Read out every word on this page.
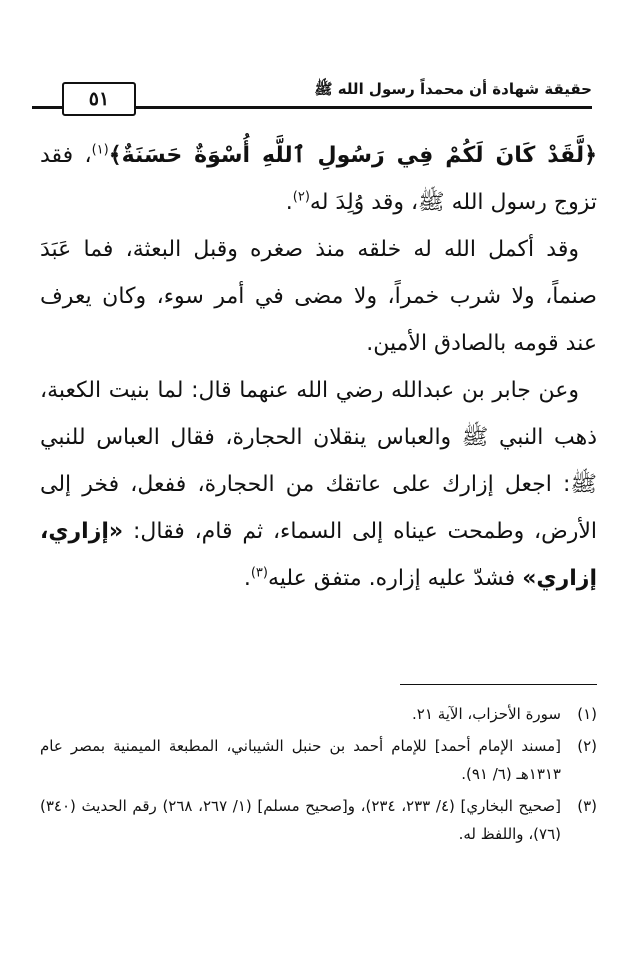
٥١	حقيقة شهادة أن محمداً رسول الله ﷺ

﴿لَّقَدْ كَانَ لَكُمْ فِي رَسُولِ ٱللَّهِ أُسْوَةٌ حَسَنَةٌ﴾$^{(١)}$، فقد تزوج رسول الله ﷺ، وقد وُلِدَ له$^{(٢)}$.

وقد أكمل الله له خلقه منذ صغره وقبل البعثة، فما عَبَدَ صنماً، ولا شرب خمراً، ولا مضى في أمر سوء، وكان يعرف عند قومه بالصادق الأمين.

وعن جابر بن عبدالله رضي الله عنهما قال: لما بنيت الكعبة، ذهب النبي ﷺ والعباس ينقلان الحجارة، فقال العباس للنبي ﷺ: اجعل إزارك على عاتقك من الحجارة، ففعل، فخر إلى الأرض، وطمحت عيناه إلى السماء، ثم قام، فقال: «إزاري، إزاري» فشدّ عليه إزاره. متفق عليه$^{(٣)}$.

(١)
سورة الأحزاب، الآية ٢١.
(٢)
[مسند الإمام أحمد] للإمام أحمد بن حنبل الشيباني، المطبعة الميمنية بمصر عام ١٣١٣هـ (٦/ ٩١).
(٣)
[صحيح البخاري] (٤/ ٢٣٣، ٢٣٤)، و[صحيح مسلم] (١/ ٢٦٧، ٢٦٨) رقم الحديث (٣٤٠) (٧٦)، واللفظ له.
